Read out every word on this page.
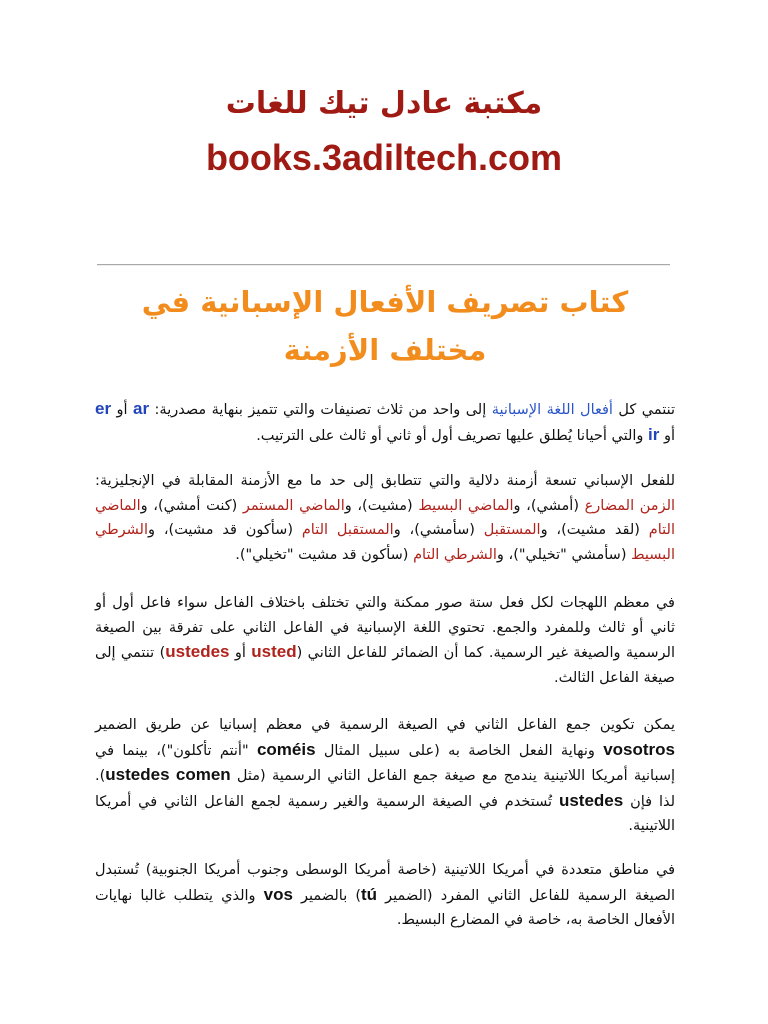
مكتبة عادل تيك للغات
books.3adiltech.com
كتاب تصريف الأفعال الإسبانية في مختلف الأزمنة

تنتمي كل أفعال اللغة الإسبانية إلى واحد من ثلاث تصنيفات والتي تتميز بنهاية مصدرية: ar أو er أو ir والتي أحيانا يُطلق عليها تصريف أول أو ثاني أو ثالث على الترتيب.

للفعل الإسباني تسعة أزمنة دلالية والتي تتطابق إلى حد ما مع الأزمنة المقابلة في الإنجليزية: الزمن المضارع (أمشي)، والماضي البسيط (مشيت)، والماضي المستمر (كنت أمشي)، والماضي التام (لقد مشيت)، والمستقبل (سأمشي)، والمستقبل التام (سأكون قد مشيت)، والشرطي البسيط (سأمشي "تخيلي")، والشرطي التام (سأكون قد مشيت "تخيلي").

في معظم اللهجات لكل فعل ستة صور ممكنة والتي تختلف باختلاف الفاعل سواء فاعل أول أو ثاني أو ثالث وللمفرد والجمع. تحتوي اللغة الإسبانية في الفاعل الثاني على تفرقة بين الصيغة الرسمية والصيغة غير الرسمية. كما أن الضمائر للفاعل الثاني (usted أو ustedes) تنتمي إلى صيغة الفاعل الثالث.

يمكن تكوين جمع الفاعل الثاني في الصيغة الرسمية في معظم إسبانيا عن طريق الضمير vosotros ونهاية الفعل الخاصة به (على سبيل المثال coméis "أنتم تأكلون")، بينما في إسبانية أمريكا اللاتينية يندمج مع صيغة جمع الفاعل الثاني الرسمية (مثل ustedes comen). لذا فإن ustedes تُستخدم في الصيغة الرسمية والغير رسمية لجمع الفاعل الثاني في أمريكا اللاتينية.

في مناطق متعددة في أمريكا اللاتينية (خاصة أمريكا الوسطى وجنوب أمريكا الجنوبية) تُستبدل الصيغة الرسمية للفاعل الثاني المفرد (الضمير tú) بالضمير vos والذي يتطلب غالبا نهايات الأفعال الخاصة به، خاصة في المضارع البسيط.
